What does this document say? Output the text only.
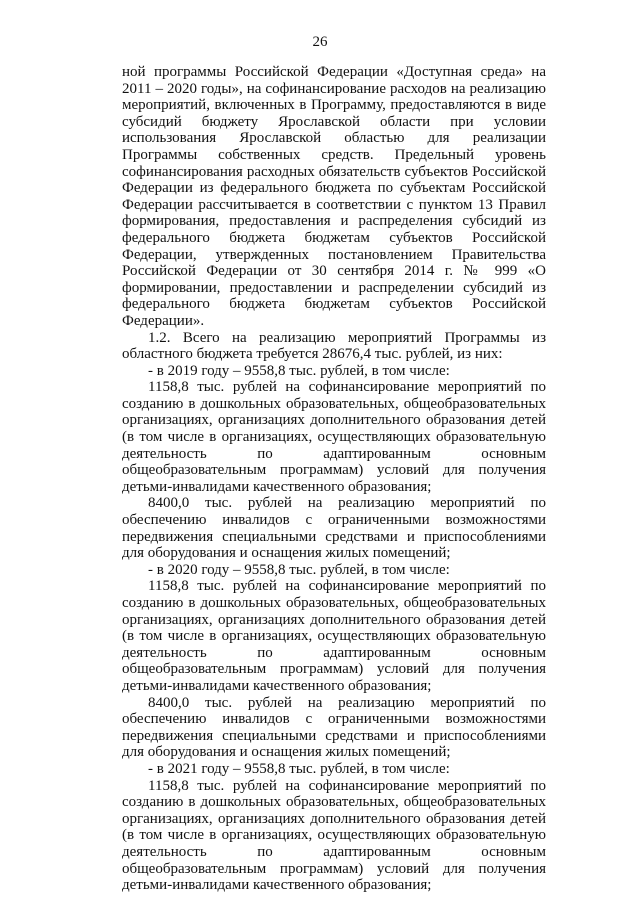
26

ной программы Российской Федерации «Доступная среда» на 2011 – 2020 годы», на софинансирование расходов на реализацию мероприятий, включенных в Программу, предоставляются в виде субсидий бюджету Ярославской области при условии использования Ярославской областью для реализации Программы собственных средств. Предельный уровень софинансирования расходных обязательств субъектов Российской Федерации из федерального бюджета по субъектам Российской Федерации рассчитывается в соответствии с пунктом 13 Правил формирования, предоставления и распределения субсидий из федерального бюджета бюджетам субъектов Российской Федерации, утвержденных постановлением Правительства Российской Федерации от 30 сентября 2014 г. № 999 «О формировании, предоставлении и распределении субсидий из федерального бюджета бюджетам субъектов Российской Федерации».

1.2. Всего на реализацию мероприятий Программы из областного бюджета требуется 28676,4 тыс. рублей, из них:

- в 2019 году – 9558,8 тыс. рублей, в том числе:

1158,8 тыс. рублей на софинансирование мероприятий по созданию в дошкольных образовательных, общеобразовательных организациях, организациях дополнительного образования детей (в том числе в организациях, осуществляющих образовательную деятельность по адаптированным основным общеобразовательным программам) условий для получения детьми-инвалидами качественного образования;

8400,0 тыс. рублей на реализацию мероприятий по обеспечению инвалидов с ограниченными возможностями передвижения специальными средствами и приспособлениями для оборудования и оснащения жилых помещений;

- в 2020 году – 9558,8 тыс. рублей, в том числе:

1158,8 тыс. рублей на софинансирование мероприятий по созданию в дошкольных образовательных, общеобразовательных организациях, организациях дополнительного образования детей (в том числе в организациях, осуществляющих образовательную деятельность по адаптированным основным общеобразовательным программам) условий для получения детьми-инвалидами качественного образования;

8400,0 тыс. рублей на реализацию мероприятий по обеспечению инвалидов с ограниченными возможностями передвижения специальными средствами и приспособлениями для оборудования и оснащения жилых помещений;

- в 2021 году – 9558,8 тыс. рублей, в том числе:

1158,8 тыс. рублей на софинансирование мероприятий по созданию в дошкольных образовательных, общеобразовательных организациях, организациях дополнительного образования детей (в том числе в организациях, осуществляющих образовательную деятельность по адаптированным основным общеобразовательным программам) условий для получения детьми-инвалидами качественного образования;
